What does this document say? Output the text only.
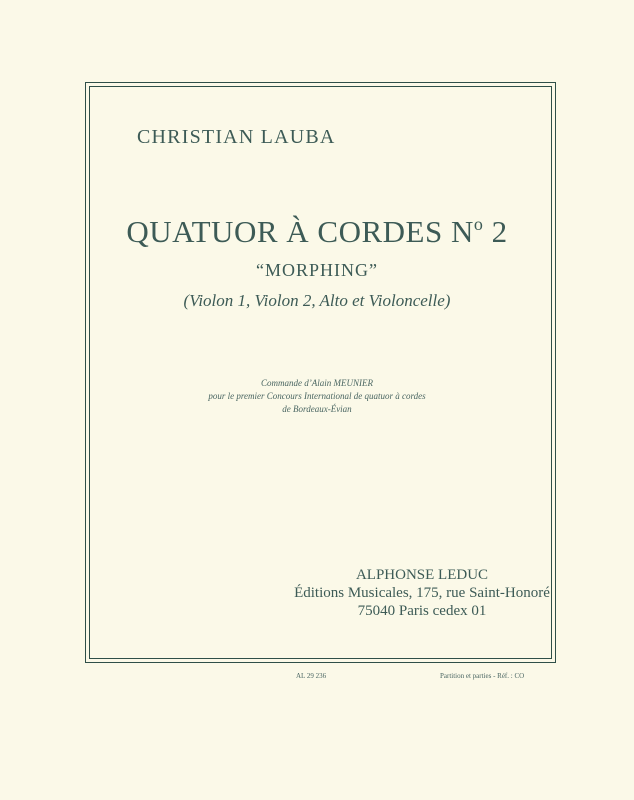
CHRISTIAN LAUBA
QUATUOR À CORDES $N^o$ 2
“MORPHING”
(Violon 1, Violon 2, Alto et Violoncelle)
Commande d’Alain MEUNIER
pour le premier Concours International de quatuor à cordes
de Bordeaux-Évian
ALPHONSE LEDUC
Éditions Musicales, 175, rue Saint-Honoré
75040 Paris cedex 01
AL 29 236	Partition et parties - Réf. : CO
